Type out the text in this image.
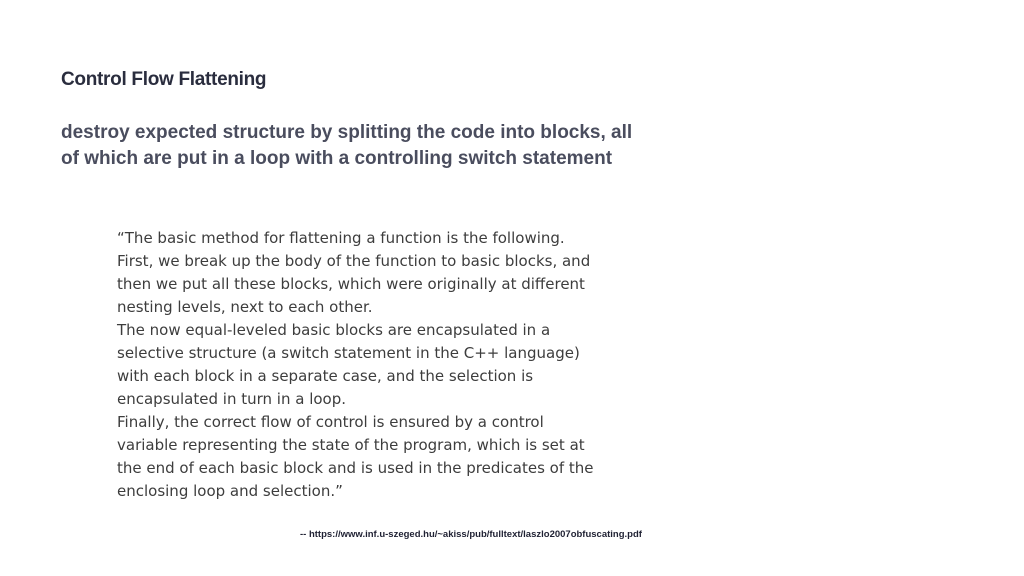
Control Flow Flattening
destroy expected structure by splitting the code into blocks, all
of which are put in a loop with a controlling switch statement
“The basic method for flattening a function is the following.
First, we break up the body of the function to basic blocks, and
then we put all these blocks, which were originally at different
nesting levels, next to each other.
The now equal-leveled basic blocks are encapsulated in a
selective structure (a switch statement in the C++ language)
with each block in a separate case, and the selection is
encapsulated in turn in a loop.
Finally, the correct flow of control is ensured by a control
variable representing the state of the program, which is set at
the end of each basic block and is used in the predicates of the
enclosing loop and selection.”
-- https://www.inf.u-szeged.hu/~akiss/pub/fulltext/laszlo2007obfuscating.pdf
